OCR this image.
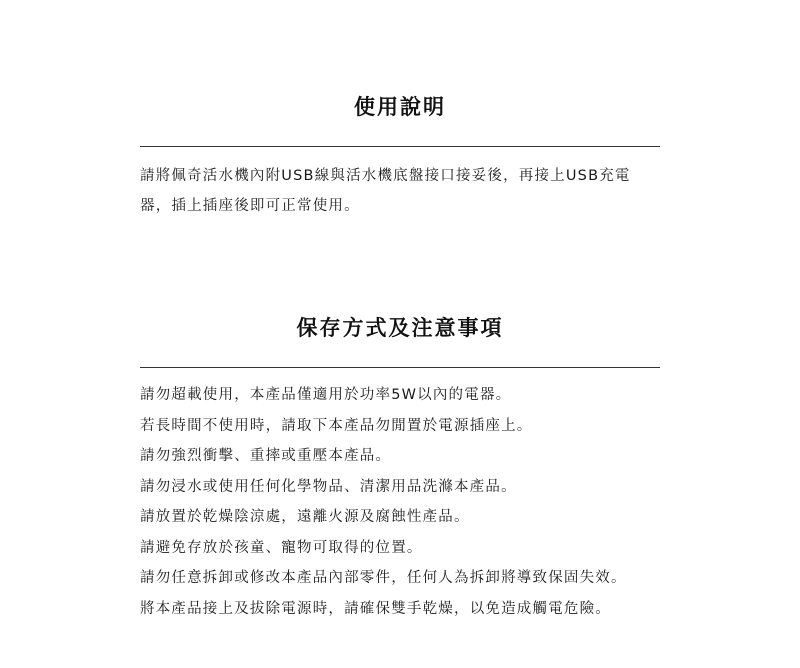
使用說明

請將佩奇活水機內附USB線與活水機底盤接口接妥後，再接上USB充電器，插上插座後即可正常使用。

保存方式及注意事項
請勿超載使用，本產品僅適用於功率5W以內的電器。
若長時間不使用時，請取下本產品勿閒置於電源插座上。
請勿強烈衝擊、重摔或重壓本產品。
請勿浸水或使用任何化學物品、清潔用品洗滌本產品。
請放置於乾燥陰涼處，遠離火源及腐蝕性產品。
請避免存放於孩童、寵物可取得的位置。
請勿任意拆卸或修改本產品內部零件，任何人為拆卸將導致保固失效。
將本產品接上及拔除電源時，請確保雙手乾燥，以免造成觸電危險。
